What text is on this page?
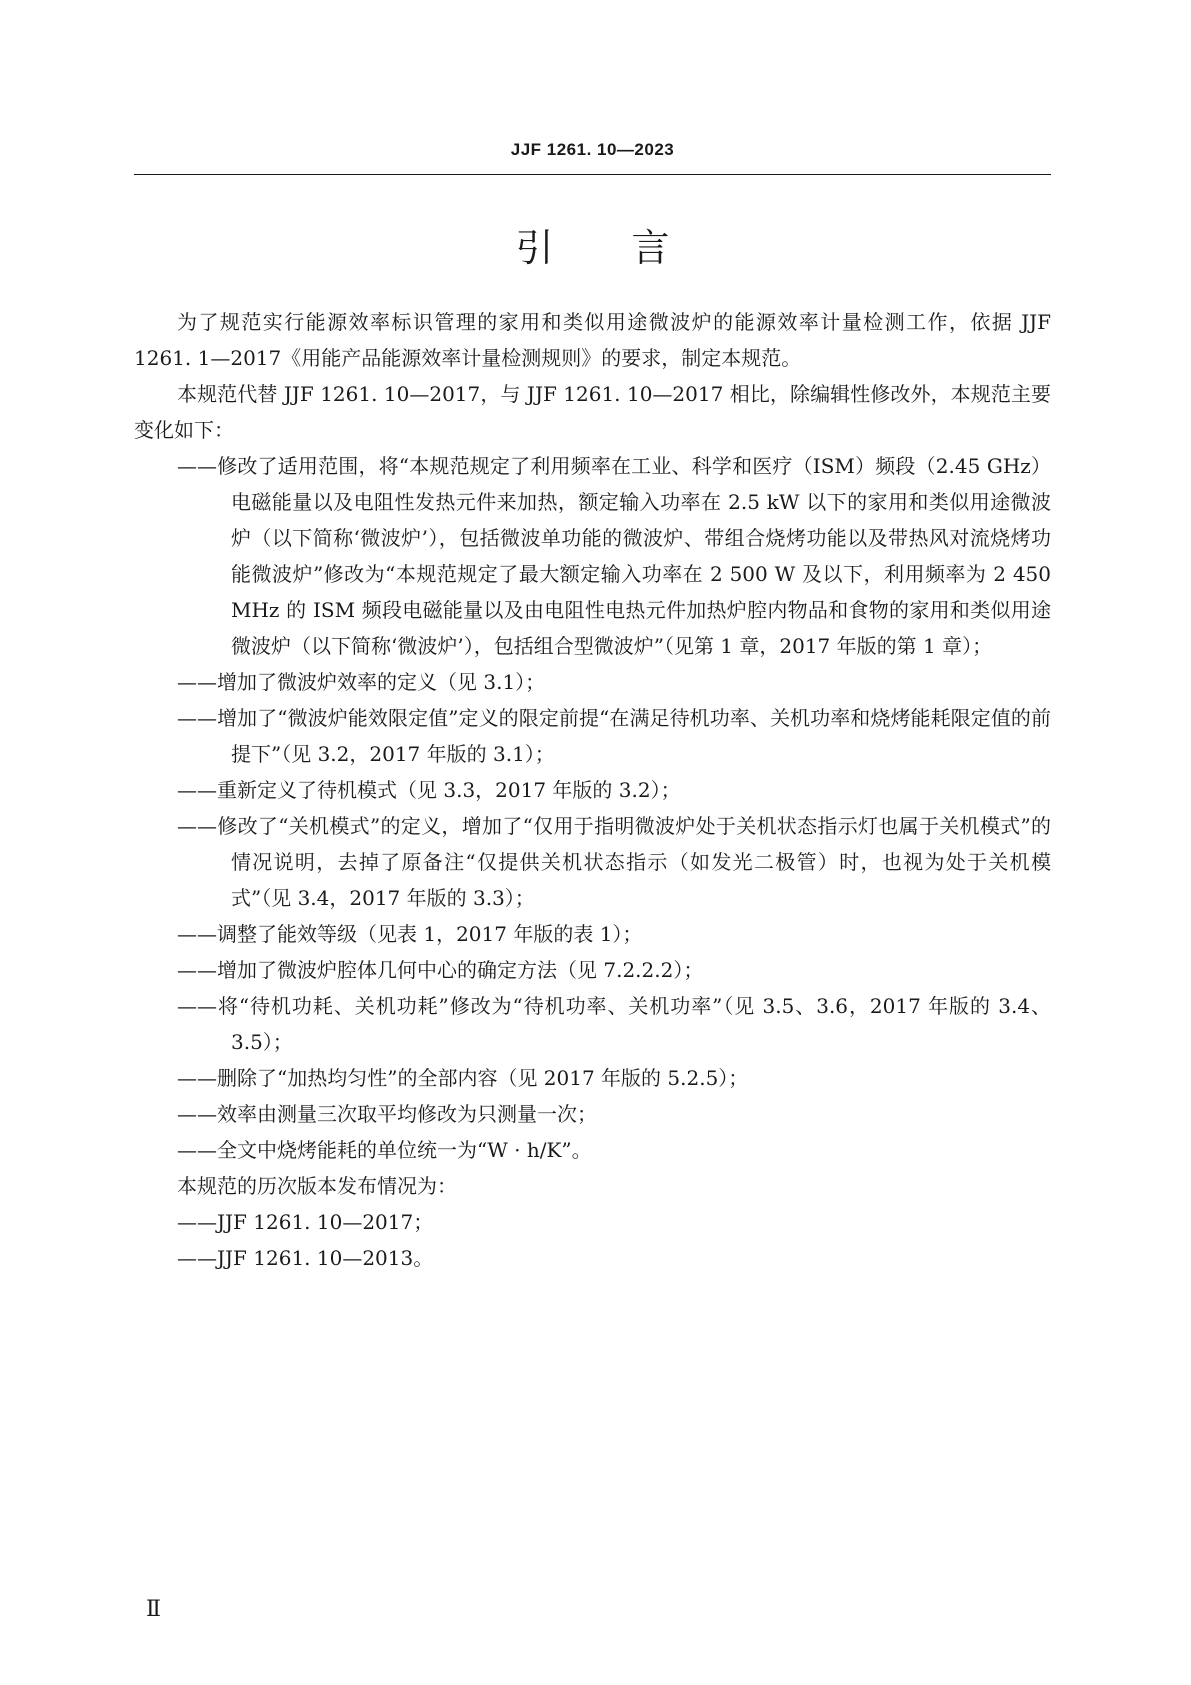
JJF 1261. 10—2023
引言

为了规范实行能源效率标识管理的家用和类似用途微波炉的能源效率计量检测工作，依据 JJF 1261. 1—2017《用能产品能源效率计量检测规则》的要求，制定本规范。

本规范代替 JJF 1261. 10—2017，与 JJF 1261. 10—2017 相比，除编辑性修改外，本规范主要变化如下：

——修改了适用范围，将“本规范规定了利用频率在工业、科学和医疗（ISM）频段（2.45 GHz）电磁能量以及电阻性发热元件来加热，额定输入功率在 2.5 kW 以下的家用和类似用途微波炉（以下简称‘微波炉’），包括微波单功能的微波炉、带组合烧烤功能以及带热风对流烧烤功能微波炉”修改为“本规范规定了最大额定输入功率在 2 500 W 及以下，利用频率为 2 450 MHz 的 ISM 频段电磁能量以及由电阻性电热元件加热炉腔内物品和食物的家用和类似用途微波炉（以下简称‘微波炉’），包括组合型微波炉”（见第 1 章，2017 年版的第 1 章）；

——增加了微波炉效率的定义（见 3.1）；

——增加了“微波炉能效限定值”定义的限定前提“在满足待机功率、关机功率和烧烤能耗限定值的前提下”（见 3.2，2017 年版的 3.1）；

——重新定义了待机模式（见 3.3，2017 年版的 3.2）；

——修改了“关机模式”的定义，增加了“仅用于指明微波炉处于关机状态指示灯也属于关机模式”的情况说明，去掉了原备注“仅提供关机状态指示（如发光二极管）时，也视为处于关机模式”（见 3.4，2017 年版的 3.3）；

——调整了能效等级（见表 1，2017 年版的表 1）；

——增加了微波炉腔体几何中心的确定方法（见 7.2.2.2）；

——将“待机功耗、关机功耗”修改为“待机功率、关机功率”（见 3.5、3.6，2017 年版的 3.4、3.5）；

——删除了“加热均匀性”的全部内容（见 2017 年版的 5.2.5）；

——效率由测量三次取平均修改为只测量一次；

——全文中烧烤能耗的单位统一为“W · h/K”。

本规范的历次版本发布情况为：

——JJF 1261. 10—2017；

——JJF 1261. 10—2013。

Ⅱ
